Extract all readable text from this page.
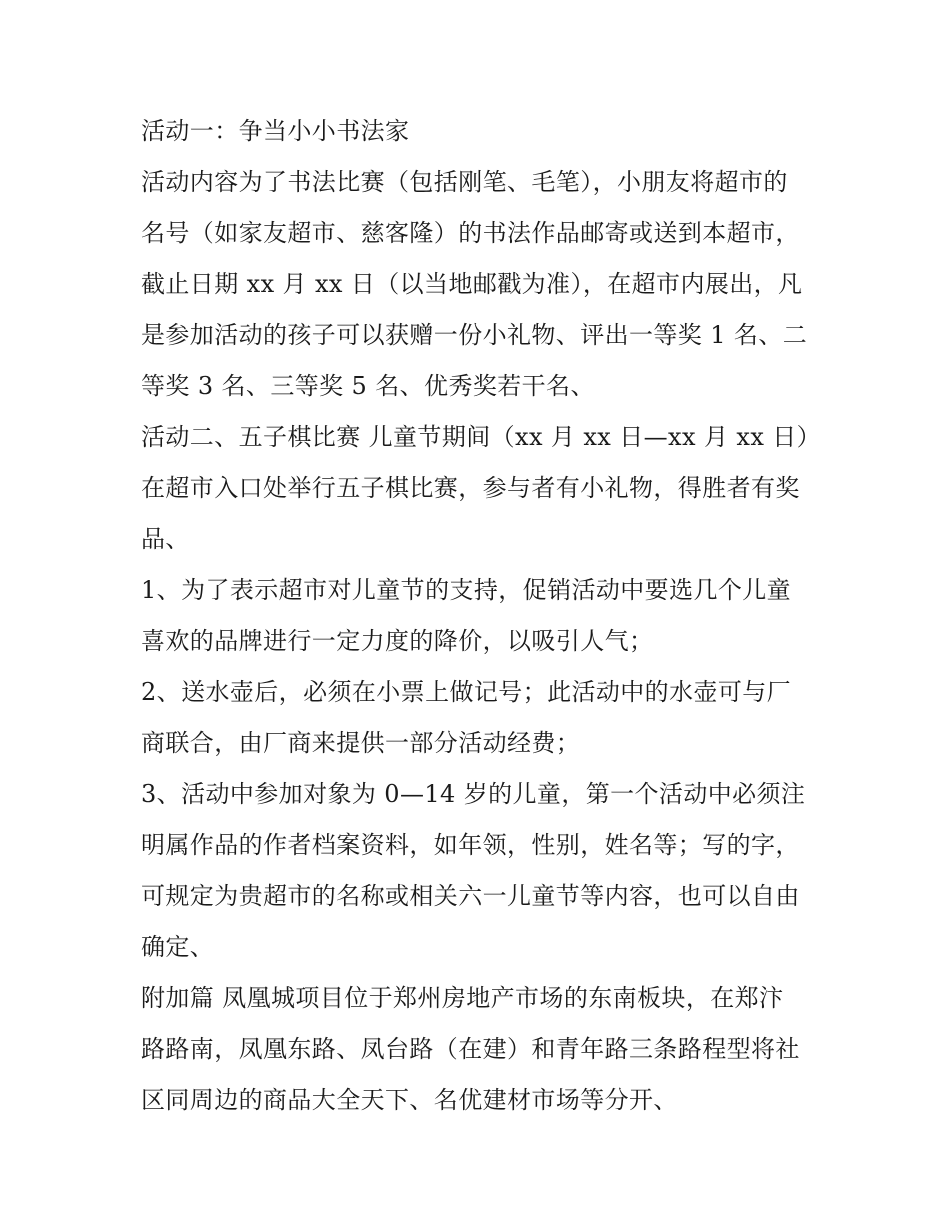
活动一：争当小小书法家
活动内容为了书法比赛（包括刚笔、毛笔），小朋友将超市的
名号（如家友超市、慈客隆）的书法作品邮寄或送到本超市，
截止日期 xx 月 xx 日（以当地邮戳为准），在超市内展出，凡
是参加活动的孩子可以获赠一份小礼物、评出一等奖 1 名、二
等奖 3 名、三等奖 5 名、优秀奖若干名、
活动二、五子棋比赛 儿童节期间（xx 月 xx 日—xx 月 xx 日）
在超市入口处举行五子棋比赛，参与者有小礼物，得胜者有奖
品、
1、为了表示超市对儿童节的支持，促销活动中要选几个儿童
喜欢的品牌进行一定力度的降价，以吸引人气；
2、送水壶后，必须在小票上做记号；此活动中的水壶可与厂
商联合，由厂商来提供一部分活动经费；
3、活动中参加对象为 0—14 岁的儿童，第一个活动中必须注
明属作品的作者档案资料，如年领，性别，姓名等；写的字，
可规定为贵超市的名称或相关六一儿童节等内容，也可以自由
确定、
附加篇 凤凰城项目位于郑州房地产市场的东南板块，在郑汴
路路南，凤凰东路、凤台路（在建）和青年路三条路程型将社
区同周边的商品大全天下、名优建材市场等分开、
